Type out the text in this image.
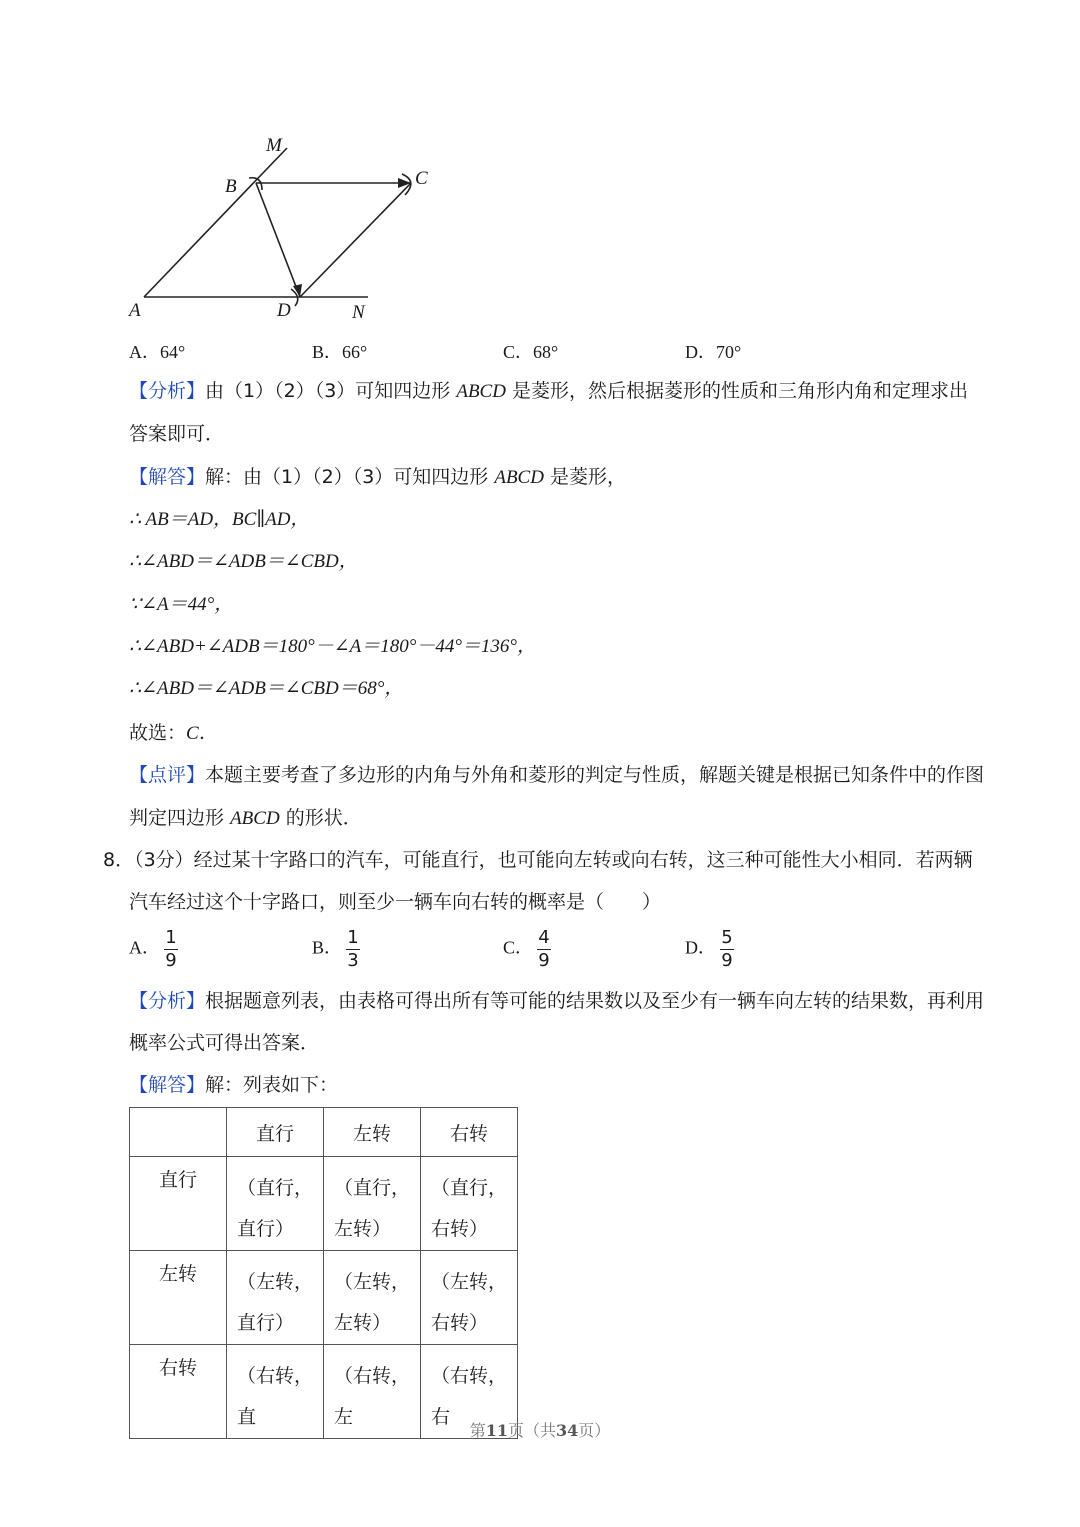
M
B	C
A	D	N
A．64°	B．66°	C．68°	D．70°
【分析】由（1）（2）（3）可知四边形 ABCD 是菱形，然后根据菱形的性质和三角形内角和定理求出
答案即可．
【解答】解：由（1）（2）（3）可知四边形 ABCD 是菱形，
∴ AB＝AD，BC∥AD，
∴∠ABD＝∠ADB＝∠CBD，
∵∠A＝44°，
∴∠ABD+∠ADB＝180°－∠A＝180°－44°＝136°，
∴∠ABD＝∠ADB＝∠CBD＝68°，
故选：C．
【点评】本题主要考查了多边形的内角与外角和菱形的判定与性质，解题关键是根据已知条件中的作图
判定四边形 ABCD 的形状．
8．（3分）经过某十字路口的汽车，可能直行，也可能向左转或向右转，这三种可能性大小相同．若两辆
汽车经过这个十字路口，则至少一辆车向右转的概率是（　　）
A． $\frac{1}{9}$	B． $\frac{1}{3}$	C． $\frac{4}{9}$	D． $\frac{5}{9}$
【分析】根据题意列表，由表格可得出所有等可能的结果数以及至少有一辆车向左转的结果数，再利用
概率公式可得出答案．
【解答】解：列表如下：
	直行	左转	右转

直行	（直行，直行）	（直行，左转）	（直行，右转）

左转	（左转，直行）	（左转，左转）	（左转，右转）

右转	（右转，直	（右转，左	（右转，右
第11页（共34页）
